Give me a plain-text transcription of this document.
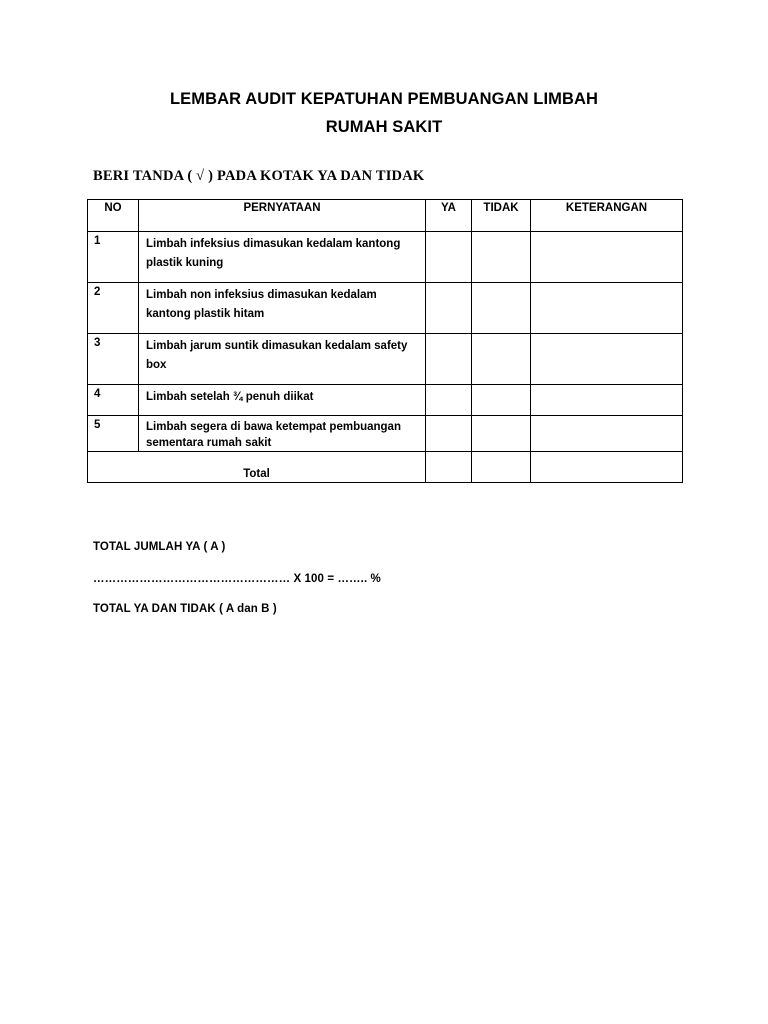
LEMBAR AUDIT KEPATUHAN PEMBUANGAN LIMBAH
RUMAH SAKIT
BERI TANDA ( √ ) PADA KOTAK YA DAN TIDAK
NO	PERNYATAAN	YA	TIDAK	KETERANGAN
1	Limbah infeksius dimasukan kedalam kantong plastik kuning			
2	Limbah non infeksius dimasukan kedalam kantong plastik hitam			
3	Limbah jarum suntik dimasukan kedalam safety box			
4	Limbah setelah ¾ penuh diikat			
5	Limbah segera di bawa ketempat pembuangan sementara rumah sakit			
Total				
TOTAL JUMLAH YA ( A )
…………………………………………… X 100 = …….. %
TOTAL YA DAN TIDAK ( A dan B )
